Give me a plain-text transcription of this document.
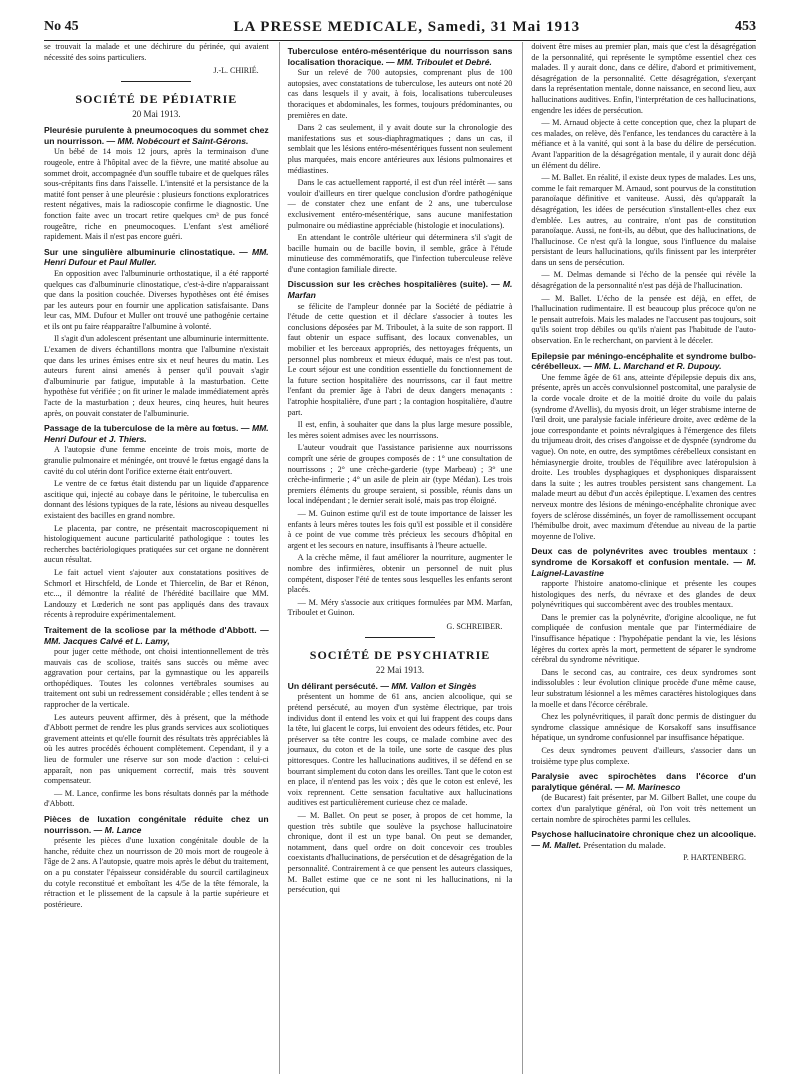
No 45	LA PRESSE MEDICALE, Samedi, 31 Mai 1913	453

se trouvait la malade et une déchirure du périnée, qui avaient nécessité des soins particuliers.

J.-L. CHIRIÉ.
SOCIÉTÉ DE PÉDIATRIE
20 Mai 1913.
Pleurésie purulente à pneumocoques du sommet chez un nourrisson. — MM. Nobécourt et Saint-Gérons.

Un bébé de 14 mois 12 jours, après la terminaison d'une rougeole, entre à l'hôpital avec de la fièvre, une matité absolue au sommet droit, accompagnée d'un souffle tubaire et de quelques râles sous-crépitants fins dans l'aisselle. L'intensité et la persistance de la matité font penser à une pleurésie : plusieurs fonctions exploratrices restent négatives, mais la radioscopie confirme le diagnostic. Une fonction faite avec un trocart retire quelques cm³ de pus foncé rougeâtre, riche en pneumocoques. L'enfant s'est amélioré rapidement. Mais il n'est pas encore guéri.

Sur une singulière albuminurie clinostatique. — MM. Henri Dufour et Paul Muller.

En opposition avec l'albuminurie orthostatique, il a été rapporté quelques cas d'albuminurie clinostatique, c'est-à-dire n'apparaissant que dans la position couchée. Diverses hypothèses ont été émises par les auteurs pour en fournir une application satisfaisante. Dans leur cas, MM. Dufour et Muller ont trouvé une pathogénie certaine et ils ont pu faire réapparaître l'albumine à volonté.

Il s'agit d'un adolescent présentant une albuminurie intermittente. L'examen de divers échantillons montra que l'albumine n'existait que dans les urines émises entre six et neuf heures du matin. Les auteurs furent ainsi amenés à penser qu'il pouvait s'agir d'albuminurie par fatigue, imputable à la masturbation. Cette hypothèse fut vérifiée ; on fit uriner le malade immédiatement après l'acte de la masturbation ; deux heures, cinq heures, huit heures après, on pouvait constater de l'albuminurie.

Passage de la tuberculose de la mère au fœtus. — MM. Henri Dufour et J. Thiers.

A l'autopsie d'une femme enceinte de trois mois, morte de granulie pulmonaire et méningée, ont trouvé le fœtus engagé dans la cavité du col utérin dont l'orifice externe était entr'ouvert.

Le ventre de ce fœtus était distendu par un liquide d'apparence ascitique qui, injecté au cobaye dans le péritoine, le tuberculisa en donnant des lésions typiques de la rate, lésions au niveau desquelles existaient des bacilles en grand nombre.

Le placenta, par contre, ne présentait macroscopiquement ni histologiquement aucune particularité pathologique : toutes les recherches bactériologiques pratiquées sur cet organe ne donnèrent aucun résultat.

Le fait actuel vient s'ajouter aux constatations positives de Schmorl et Hirschfeld, de Londe et Thiercelin, de Bar et Rénon, etc..., il démontre la réalité de l'hérédité bacillaire que MM. Landouzy et Lœderich ne sont pas appliqués dans des travaux récents à reproduire expérimentalement.

Traitement de la scoliose par la méthode d'Abbott. — MM. Jacques Calvé et L. Lamy,

pour juger cette méthode, ont choisi intentionnellement de très mauvais cas de scoliose, traités sans succès ou même avec aggravation pour certains, par la gymnastique ou les appareils orthopédiques. Toutes les colonnes vertébrales soumises au traitement ont subi un redressement considérable ; elles tendent à se rapprocher de la verticale.

Les auteurs peuvent affirmer, dès à présent, que la méthode d'Abbott permet de rendre les plus grands services aux scoliotiques gravement atteints et qu'elle fournit des résultats très appréciables là où les autres procédés échouent complètement. Cependant, il y a lieu de formuler une réserve sur son mode d'action : celui-ci apparaît, non pas uniquement correctif, mais très souvent compensateur.

— M. Lance, confirme les bons résultats donnés par la méthode d'Abbott.

Pièces de luxation congénitale réduite chez un nourrisson. — M. Lance

présente les pièces d'une luxation congénitale double de la hanche, réduite chez un nourrisson de 20 mois mort de rougeole à l'âge de 2 ans. A l'autopsie, quatre mois après le début du traitement, on a pu constater l'épaisseur considérable du sourcil cartilagineux du cotyle reconstitué et emboîtant les 4/5e de la tête fémorale, la rétraction et le plissement de la capsule à la partie supérieure et postérieure.

Tuberculose entéro-mésentérique du nourrisson sans localisation thoracique. — MM. Triboulet et Debré.

Sur un relevé de 700 autopsies, comprenant plus de 100 autopsies, avec constatations de tuberculose, les auteurs ont noté 20 cas dans lesquels il y avait, à fois, localisations tuberculeuses thoraciques et abdominales, les formes, toujours prédominantes, ou premières en date.

Dans 2 cas seulement, il y avait doute sur la chronologie des manifestations sus et sous-diaphragmatiques ; dans un cas, il semblait que les lésions entéro-mésentériques fussent non seulement plus marquées, mais encore antérieures aux lésions pulmonaires et médiastines.

Dans le cas actuellement rapporté, il est d'un réel intérêt — sans vouloir d'ailleurs en tirer quelque conclusion d'ordre pathogénique — de constater chez une enfant de 2 ans, une tuberculose exclusivement entéro-mésentérique, sans aucune manifestation pulmonaire ou médiastine appréciable (histologie et inoculations).

En attendant le contrôle ultérieur qui déterminera s'il s'agit de bacille humain ou de bacille bovin, il semble, grâce à l'étude minutieuse des commémoratifs, que l'infection tuberculeuse relève d'une contagion familiale directe.

Discussion sur les crèches hospitalières (suite). — M. Marfan

se félicite de l'ampleur donnée par la Société de pédiatrie à l'étude de cette question et il déclare s'associer à toutes les conclusions déposées par M. Triboulet, à la suite de son rapport. Il faut obtenir un espace suffisant, des locaux convenables, un mobilier et les berceaux appropriés, des nettoyages fréquents, un personnel plus nombreux et mieux éduqué, mais ce n'est pas tout. Le court séjour est une condition essentielle du fonctionnement de la future section hospitalière des nourrissons, car il faut mettre l'enfant du premier âge à l'abri de deux dangers menaçants : l'atrophie hospitalière, d'une part ; la contagion hospitalière, d'autre part.

Il est, enfin, à souhaiter que dans la plus large mesure possible, les mères soient admises avec les nourrissons.

L'auteur voudrait que l'assistance parisienne aux nourrissons comprît une série de groupes composés de : 1° une consultation de nourrissons ; 2° une crèche-garderie (type Marbeau) ; 3° une crèche-infirmerie ; 4° un asile de plein air (type Médan). Les trois premiers éléments du groupe seraient, si possible, réunis dans un local indépendant ; le dernier serait isolé, mais pas trop éloigné.

— M. Guinon estime qu'il est de toute importance de laisser les enfants à leurs mères toutes les fois qu'il est possible et il considère à ce point de vue comme très précieux les secours d'hôpital en argent et les secours en nature, insuffisants à l'heure actuelle.

A la crèche même, il faut améliorer la nourriture, augmenter le nombre des infirmières, obtenir un personnel de nuit plus compétent, disposer l'été de tentes sous lesquelles les enfants seront placés.

— M. Méry s'associe aux critiques formulées par MM. Marfan, Triboulet et Guinon.

G. SCHREIBER.
SOCIÉTÉ DE PSYCHIATRIE
22 Mai 1913.
Un délirant persécuté. — MM. Vallon et Singès

présentent un homme de 61 ans, ancien alcoolique, qui se prétend persécuté, au moyen d'un système électrique, par trois individus dont il entend les voix et qui lui frappent des coups dans la tête, lui glacent le corps, lui envoient des odeurs fétides, etc. Pour préserver sa tête contre les coups, ce malade combine avec des journaux, du coton et de la toile, une sorte de casque des plus pittoresques. Contre les hallucinations auditives, il se défend en se bourrant simplement du coton dans les oreilles. Tant que le coton est en place, il n'entend pas les voix ; dès que le coton est enlevé, les voix reprennent. Cette sensation facultative aux hallucinations auditives est particulièrement curieuse chez ce malade.

— M. Ballet. On peut se poser, à propos de cet homme, la question très subtile que soulève la psychose hallucinatoire chronique, dont il est un type banal. On peut se demander, notamment, dans quel ordre on doit concevoir ces troubles coexistants d'hallucinations, de persécution et de désagrégation de la personnalité. Contrairement à ce que pensent les auteurs classiques, M. Ballet estime que ce ne sont ni les hallucinations, ni la persécution, qui

doivent être mises au premier plan, mais que c'est la désagrégation de la personnalité, qui représente le symptôme essentiel chez ces malades. Il y aurait donc, dans ce délire, d'abord et primitivement, désagrégation de la personnalité. Cette désagrégation, s'exerçant dans la représentation mentale, donne naissance, en second lieu, aux hallucinations auditives. Enfin, l'interprétation de ces hallucinations, engendre les idées de persécution.

— M. Arnaud objecte à cette conception que, chez la plupart de ces malades, on relève, dès l'enfance, les tendances du caractère à la méfiance et à la vanité, qui sont à la base du délire de persécution. Avant l'apparition de la désagrégation mentale, il y aurait donc déjà un élément du délire.

— M. Ballet. En réalité, il existe deux types de malades. Les uns, comme le fait remarquer M. Arnaud, sont pourvus de la constitution paranoïaque définitive et vaniteuse. Aussi, dès qu'apparaît la désagrégation, les idées de persécution s'installent-elles chez eux d'emblée. Les autres, au contraire, n'ont pas de constitution paranoïaque. Aussi, ne font-ils, au début, que des hallucinations, de l'hallucinose. Ce n'est qu'à la longue, sous l'influence du malaise persistant de leurs hallucinations, qu'ils finissent par les interpréter dans un sens de persécution.

— M. Delmas demande si l'écho de la pensée qui révèle la désagrégation de la personnalité n'est pas déjà de l'hallucination.

— M. Ballet. L'écho de la pensée est déjà, en effet, de l'hallucination rudimentaire. Il est beaucoup plus précoce qu'on ne le pensait autrefois. Mais les malades ne l'accusent pas toujours, soit qu'ils soient trop débiles ou qu'ils n'aient pas l'habitude de l'auto-observation. En le recherchant, on parvient à le déceler.

Epilepsie par méningo-encéphalite et syndrome bulbo-cérébelleux. — MM. L. Marchand et R. Dupouy.

Une femme âgée de 61 ans, atteinte d'épilepsie depuis dix ans, présente, après un accès convulsionnel postcomital, une paralysie de la corde vocale droite et de la moitié droite du voile du palais (syndrome d'Avellis), du myosis droit, un léger strabisme interne de l'œil droit, une paralysie faciale inférieure droite, avec œdème de la joue correspondante et points névralgiques à l'émergence des filets du trijumeau droit, des crises d'angoisse et de dyspnée (syndrome du vague). On note, en outre, des symptômes cérébelleux consistant en hémiasynergie droite, troubles de l'équilibre avec latéropulsion à droite. Les troubles dysphagiques et dysphoniques disparaissent dans la suite ; les autres troubles persistent sans changement. La malade meurt au début d'un accès épileptique. L'examen des centres nerveux montre des lésions de méningo-encéphalite chronique avec foyers de sclérose disséminés, un foyer de ramollissement occupant l'hémibulbe droit, avec maximum d'étendue au niveau de la partie moyenne de l'olive.

Deux cas de polynévrites avec troubles mentaux : syndrome de Korsakoff et confusion mentale. — M. Laignel-Lavastine

rapporte l'histoire anatomo-clinique et présente les coupes histologiques des nerfs, du névraxe et des glandes de deux polynévritiques qui succombèrent avec des troubles mentaux.

Dans le premier cas la polynévrite, d'origine alcoolique, ne fut compliquée de confusion mentale que par l'intermédiaire de l'insuffisance hépatique : l'hypohépatie pendant la vie, les lésions légères du cortex après la mort, permettent de séparer le syndrome cérébral du syndrome névritique.

Dans le second cas, au contraire, ces deux syndromes sont indissolubles : leur évolution clinique procède d'une même cause, leur substratum lésionnel a les mêmes caractères histologiques dans la moelle et dans l'écorce cérébrale.

Chez les polynévritiques, il paraît donc permis de distinguer du syndrome classique amnésique de Korsakoff sans insuffisance hépatique, un syndrome confusionnel par insuffisance hépatique.

Ces deux syndromes peuvent d'ailleurs, s'associer dans un troisième type plus complexe.

Paralysie avec spirochètes dans l'écorce d'un paralytique général. — M. Marinesco

(de Bucarest) fait présenter, par M. Gilbert Ballet, une coupe du cortex d'un paralytique général, où l'on voit très nettement un certain nombre de spirochètes parmi les cellules.

Psychose hallucinatoire chronique chez un alcoolique. — M. Mallet. Présentation du malade.
P. HARTENBERG.
